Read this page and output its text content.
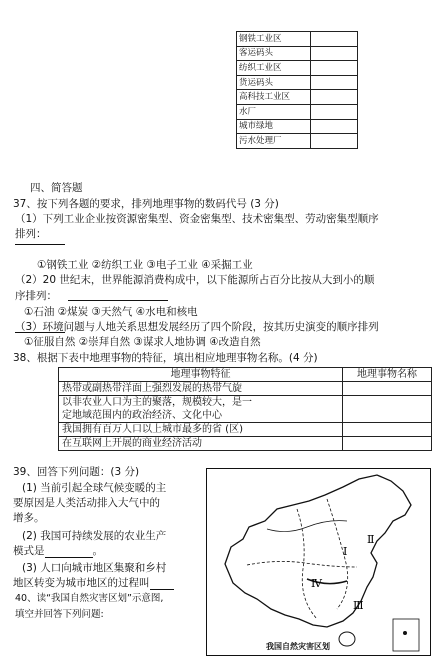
钢铁工业区	
客运码头	
纺织工业区	
货运码头	
高科技工业区	
水厂	
城市绿地	
污水处理厂	
四、简答题
37、按下列各题的要求，排列地理事物的数码代号 (3 分)
（1）下列工业企业按资源密集型、资金密集型、技术密集型、劳动密集型顺序
排列：
①钢铁工业 ②纺织工业 ③电子工业 ④采掘工业
（2）20 世纪末，世界能源消费构成中，以下能源所占百分比按从大到小的顺
序排列：
①石油 ②煤炭 ③天然气 ④水电和核电
（3）环境问题与人地关系思想发展经历了四个阶段，按其历史演变的顺序排列
①征服自然 ②崇拜自然 ③谋求人地协调 ④改造自然
38、根据下表中地理事物的特征，填出相应地理事物名称。(4 分)
地理事物特征	地理事物名称
热带或副热带洋面上强烈发展的热带气旋	

以非农业人口为主的聚落，规模较大，是一
定地域范围内的政治经济、文化中心	

我国拥有百万人口以上城市最多的省 (区)	
在互联网上开展的商业经济活动	
39、回答下列问题：(3 分)
(1) 当前引起全球气候变暖的主
要原因是人类活动排入大气中的
增多。
(2) 我国可持续发展的农业生产
模式是	。
(3) 人口向城市地区集聚和乡村
地区转变为城市地区的过程叫
40、读“我国自然灾害区划”示意图,
填空并回答下列问题:
Ⅰ
Ⅱ
Ⅲ
Ⅳ
我国自然灾害区划
